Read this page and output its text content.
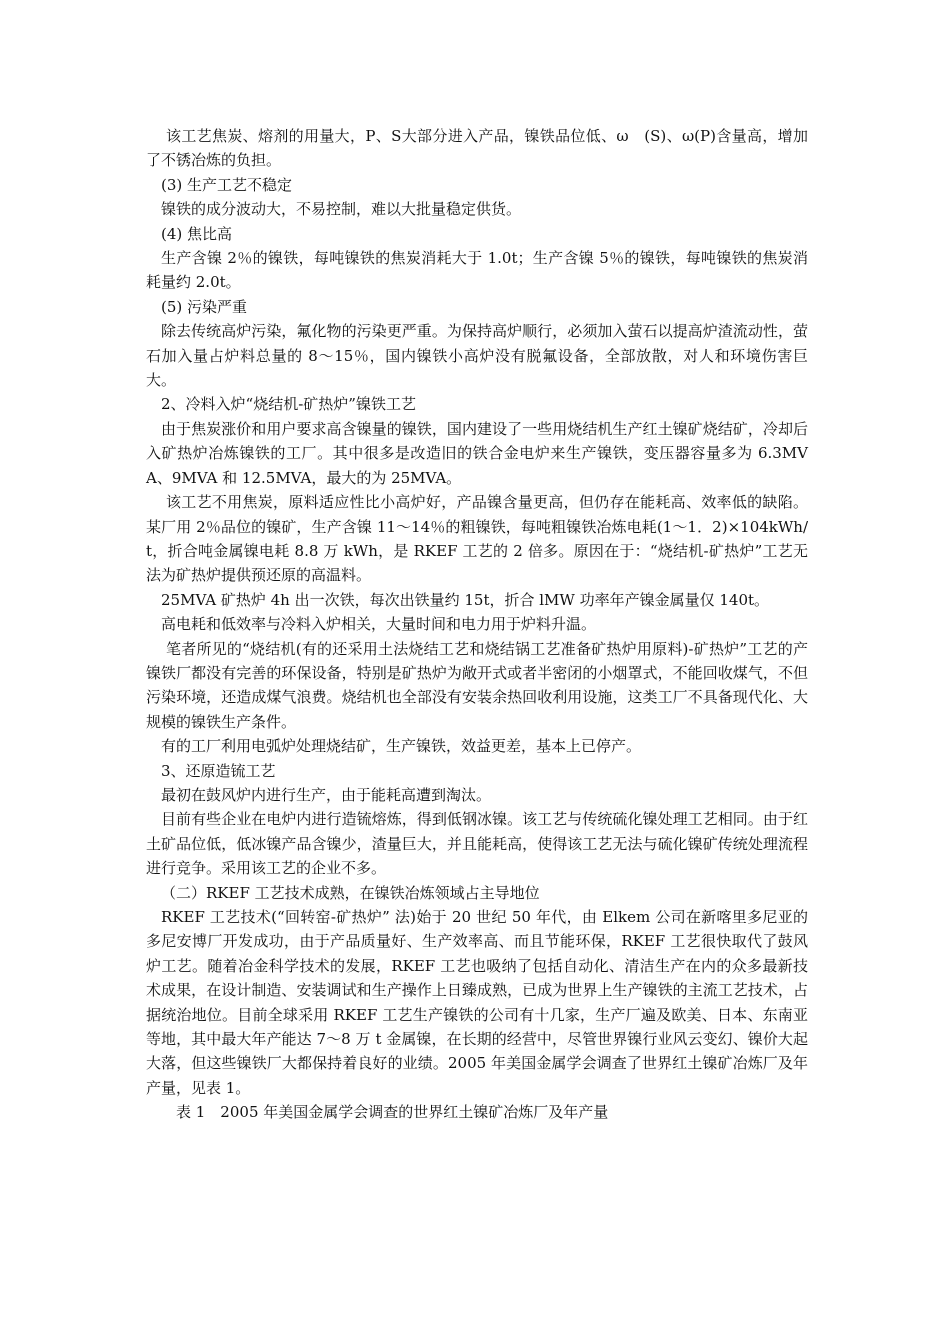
该工艺焦炭、熔剂的用量大，P、S大部分进入产品，镍铁品位低、ω　(S)、ω(P)含量高，增加了不锈冶炼的负担。

(3) 生产工艺不稳定

镍铁的成分波动大，不易控制，难以大批量稳定供货。

(4) 焦比高

生产含镍 2％的镍铁，每吨镍铁的焦炭消耗大于 1.0t；生产含镍 5％的镍铁，每吨镍铁的焦炭消耗量约 2.0t。

(5) 污染严重

除去传统高炉污染，氟化物的污染更严重。为保持高炉顺行，必须加入萤石以提高炉渣流动性，萤石加入量占炉料总量的 8～15％，国内镍铁小高炉没有脱氟设备，全部放散，对人和环境伤害巨大。

2、冷料入炉“烧结机-矿热炉”镍铁工艺

由于焦炭涨价和用户要求高含镍量的镍铁，国内建设了一些用烧结机生产红土镍矿烧结矿，冷却后入矿热炉冶炼镍铁的工厂。其中很多是改造旧的铁合金电炉来生产镍铁，变压器容量多为 6.3MVA、9MVA 和 12.5MVA，最大的为 25MVA。

该工艺不用焦炭，原料适应性比小高炉好，产品镍含量更高，但仍存在能耗高、效率低的缺陷。某厂用 2％品位的镍矿，生产含镍 11～14％的粗镍铁，每吨粗镍铁冶炼电耗(1～1．2)×104kWh/t，折合吨金属镍电耗 8.8 万 kWh，是 RKEF 工艺的 2 倍多。原因在于：“烧结机-矿热炉”工艺无法为矿热炉提供预还原的高温料。

25MVA 矿热炉 4h 出一次铁，每次出铁量约 15t，折合 lMW 功率年产镍金属量仅 140t。

高电耗和低效率与冷料入炉相关，大量时间和电力用于炉料升温。

笔者所见的“烧结机(有的还采用土法烧结工艺和烧结锅工艺准备矿热炉用原料)-矿热炉”工艺的产镍铁厂都没有完善的环保设备，特别是矿热炉为敞开式或者半密闭的小烟罩式，不能回收煤气，不但污染环境，还造成煤气浪费。烧结机也全部没有安装余热回收利用设施，这类工厂不具备现代化、大规模的镍铁生产条件。

有的工厂利用电弧炉处理烧结矿，生产镍铁，效益更差，基本上已停产。

3、还原造锍工艺

最初在鼓风炉内进行生产，由于能耗高遭到淘汰。

目前有些企业在电炉内进行造锍熔炼，得到低钢冰镍。该工艺与传统硫化镍处理工艺相同。由于红土矿品位低，低冰镍产品含镍少，渣量巨大，并且能耗高，使得该工艺无法与硫化镍矿传统处理流程进行竞争。采用该工艺的企业不多。

（二）RKEF 工艺技术成熟，在镍铁冶炼领域占主导地位

RKEF 工艺技术(“回转窑-矿热炉” 法)始于 20 世纪 50 年代，由 Elkem 公司在新喀里多尼亚的多尼安博厂开发成功，由于产品质量好、生产效率高、而且节能环保，RKEF 工艺很快取代了鼓风炉工艺。随着冶金科学技术的发展，RKEF 工艺也吸纳了包括自动化、清洁生产在内的众多最新技术成果，在设计制造、安装调试和生产操作上日臻成熟，已成为世界上生产镍铁的主流工艺技术，占据统治地位。目前全球采用 RKEF 工艺生产镍铁的公司有十几家，生产厂遍及欧美、日本、东南亚等地，其中最大年产能达 7～8 万 t 金属镍，在长期的经营中，尽管世界镍行业风云变幻、镍价大起大落，但这些镍铁厂大都保持着良好的业绩。2005 年美国金属学会调查了世界红土镍矿冶炼厂及年产量，见表 1。

表 1　2005 年美国金属学会调查的世界红土镍矿冶炼厂及年产量
